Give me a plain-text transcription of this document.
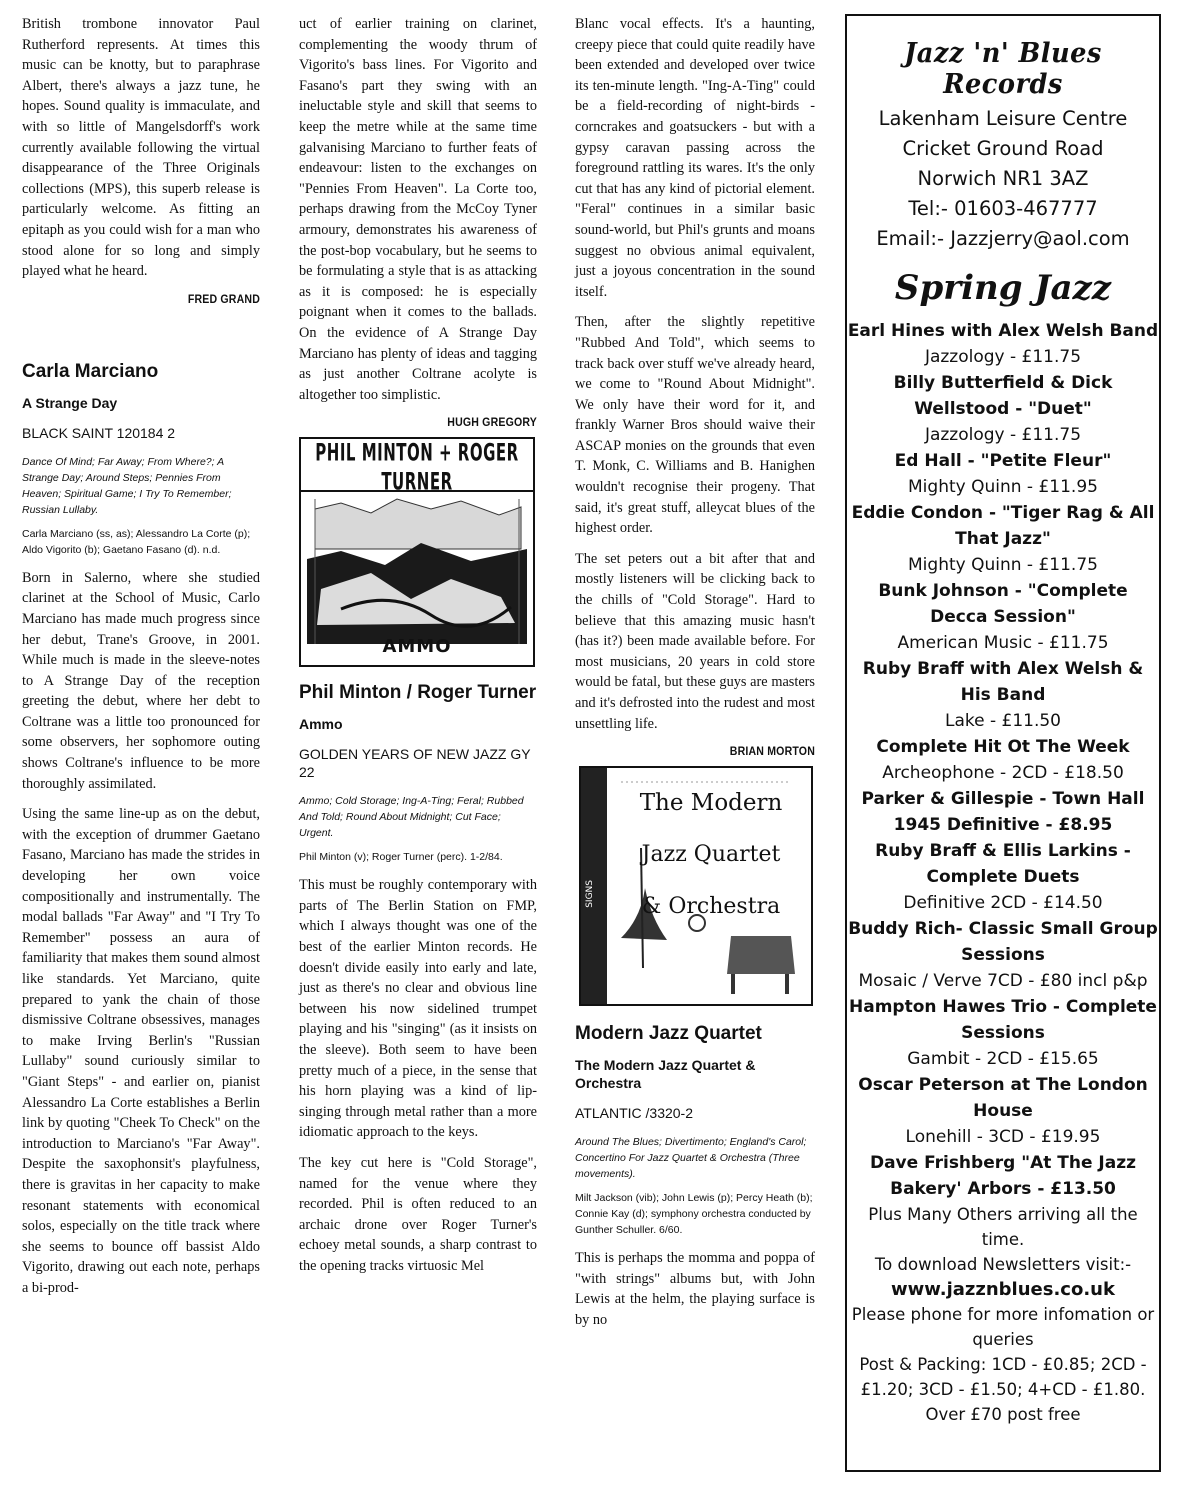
British trombone innovator Paul Rutherford represents. At times this music can be knotty, but to paraphrase Albert, there's always a jazz tune, he hopes. Sound quality is immaculate, and with so little of Mangelsdorff's work currently available following the virtual disappearance of the Three Originals collections (MPS), this superb release is particularly welcome. As fitting an epitaph as you could wish for a man who stood alone for so long and simply played what he heard.

FRED GRAND

Carla Marciano
A Strange Day
BLACK SAINT 120184 2
Dance Of Mind; Far Away; From Where?; A Strange Day; Around Steps; Pennies From Heaven; Spiritual Game; I Try To Remember; Russian Lullaby.
Carla Marciano (ss, as); Alessandro La Corte (p); Aldo Vigorito (b); Gaetano Fasano (d). n.d.

Born in Salerno, where she studied clarinet at the School of Music, Carlo Marciano has made much progress since her debut, Trane's Groove, in 2001. While much is made in the sleeve-notes to A Strange Day of the reception greeting the debut, where her debt to Coltrane was a little too pronounced for some observers, her sophomore outing shows Coltrane's influence to be more thoroughly assimilated.

Using the same line-up as on the debut, with the exception of drummer Gaetano Fasano, Marciano has made the strides in developing her own voice compositionally and instrumentally. The modal ballads "Far Away" and "I Try To Remember" possess an aura of familiarity that makes them sound almost like standards. Yet Marciano, quite prepared to yank the chain of those dismissive Coltrane obsessives, manages to make Irving Berlin's "Russian Lullaby" sound curiously similar to "Giant Steps" - and earlier on, pianist Alessandro La Corte establishes a Berlin link by quoting "Cheek To Check" on the introduction to Marciano's "Far Away". Despite the saxophonsit's playfulness, there is gravitas in her capacity to make resonant statements with economical solos, especially on the title track where she seems to bounce off bassist Aldo Vigorito, drawing out each note, perhaps a bi-prod-

uct of earlier training on clarinet, complementing the woody thrum of Vigorito's bass lines. For Vigorito and Fasano's part they swing with an ineluctable style and skill that seems to keep the metre while at the same time galvanising Marciano to further feats of endeavour: listen to the exchanges on "Pennies From Heaven". La Corte too, perhaps drawing from the McCoy Tyner armoury, demonstrates his awareness of the post-bop vocabulary, but he seems to be formulating a style that is as attacking as it is composed: he is especially poignant when it comes to the ballads. On the evidence of A Strange Day Marciano has plenty of ideas and tagging as just another Coltrane acolyte is altogether too simplistic.

HUGH GREGORY

PHIL MINTON + ROGER TURNER
AMMO
Phil Minton / Roger Turner
Ammo
GOLDEN YEARS OF NEW JAZZ GY 22
Ammo; Cold Storage; Ing-A-Ting; Feral; Rubbed And Told; Round About Midnight; Cut Face; Urgent.
Phil Minton (v); Roger Turner (perc). 1-2/84.

This must be roughly contemporary with parts of The Berlin Station on FMP, which I always thought was one of the best of the earlier Minton records. He doesn't divide easily into early and late, just as there's no clear and obvious line between his now sidelined trumpet playing and his "singing" (as it insists on the sleeve). Both seem to have been pretty much of a piece, in the sense that his horn playing was a kind of lip-singing through metal rather than a more idiomatic approach to the keys.

The key cut here is "Cold Storage", named for the venue where they recorded. Phil is often reduced to an archaic drone over Roger Turner's echoey metal sounds, a sharp contrast to the opening tracks virtuosic Mel

Blanc vocal effects. It's a haunting, creepy piece that could quite readily have been extended and developed over twice its ten-minute length. "Ing-A-Ting" could be a field-recording of night-birds - corncrakes and goatsuckers - but with a gypsy caravan passing across the foreground rattling its wares. It's the only cut that has any kind of pictorial element. "Feral" continues in a similar basic sound-world, but Phil's grunts and moans suggest no obvious animal equivalent, just a joyous concentration in the sound itself.

Then, after the slightly repetitive "Rubbed And Told", which seems to track back over stuff we've already heard, we come to "Round About Midnight". We only have their word for it, and frankly Warner Bros should waive their ASCAP monies on the grounds that even T. Monk, C. Williams and B. Hanighen wouldn't recognise their progeny. That said, it's great stuff, alleycat blues of the highest order.

The set peters out a bit after that and mostly listeners will be clicking back to the chills of "Cold Storage". Hard to believe that this amazing music hasn't (has it?) been made available before. For most musicians, 20 years in cold store would be fatal, but these guys are masters and it's defrosted into the rudest and most unsettling life.

BRIAN MORTON

SIGNS
The Modern
Jazz Quartet
& Orchestra
Modern Jazz Quartet
The Modern Jazz Quartet & Orchestra
ATLANTIC /3320-2
Around The Blues; Divertimento; England's Carol; Concertino For Jazz Quartet & Orchestra (Three movements).
Milt Jackson (vib); John Lewis (p); Percy Heath (b); Connie Kay (d); symphony orchestra conducted by Gunther Schuller. 6/60.

This is perhaps the momma and poppa of "with strings" albums but, with John Lewis at the helm, the playing surface is by no

Jazz 'n' Blues Records

Lakenham Leisure Centre

Cricket Ground Road

Norwich NR1 3AZ

Tel:- 01603-467777

Email:- Jazzjerry@aol.com

Spring Jazz
Earl Hines with Alex Welsh Band
Jazzology - £11.75
Billy Butterfield & Dick Wellstood - "Duet"
Jazzology - £11.75
Ed Hall - "Petite Fleur"
Mighty Quinn - £11.95
Eddie Condon - "Tiger Rag & All That Jazz"
Mighty Quinn - £11.75
Bunk Johnson - "Complete Decca Session"
American Music - £11.75
Ruby Braff with Alex Welsh & His Band
Lake - £11.50
Complete Hit Ot The Week
Archeophone - 2CD - £18.50
Parker & Gillespie - Town Hall 1945 Definitive - £8.95
Ruby Braff & Ellis Larkins - Complete Duets
Definitive 2CD - £14.50
Buddy Rich- Classic Small Group Sessions
Mosaic / Verve 7CD - £80 incl p&p
Hampton Hawes Trio - Complete Sessions
Gambit - 2CD - £15.65
Oscar Peterson at The London House
Lonehill - 3CD - £19.95
Dave Frishberg "At The Jazz Bakery' Arbors - £13.50

Plus Many Others arriving all the time.

To download Newsletters visit:-

www.jazznblues.co.uk

Please phone for more infomation or queries

Post & Packing: 1CD - £0.85; 2CD - £1.20; 3CD - £1.50; 4+CD - £1.80. Over £70 post free
